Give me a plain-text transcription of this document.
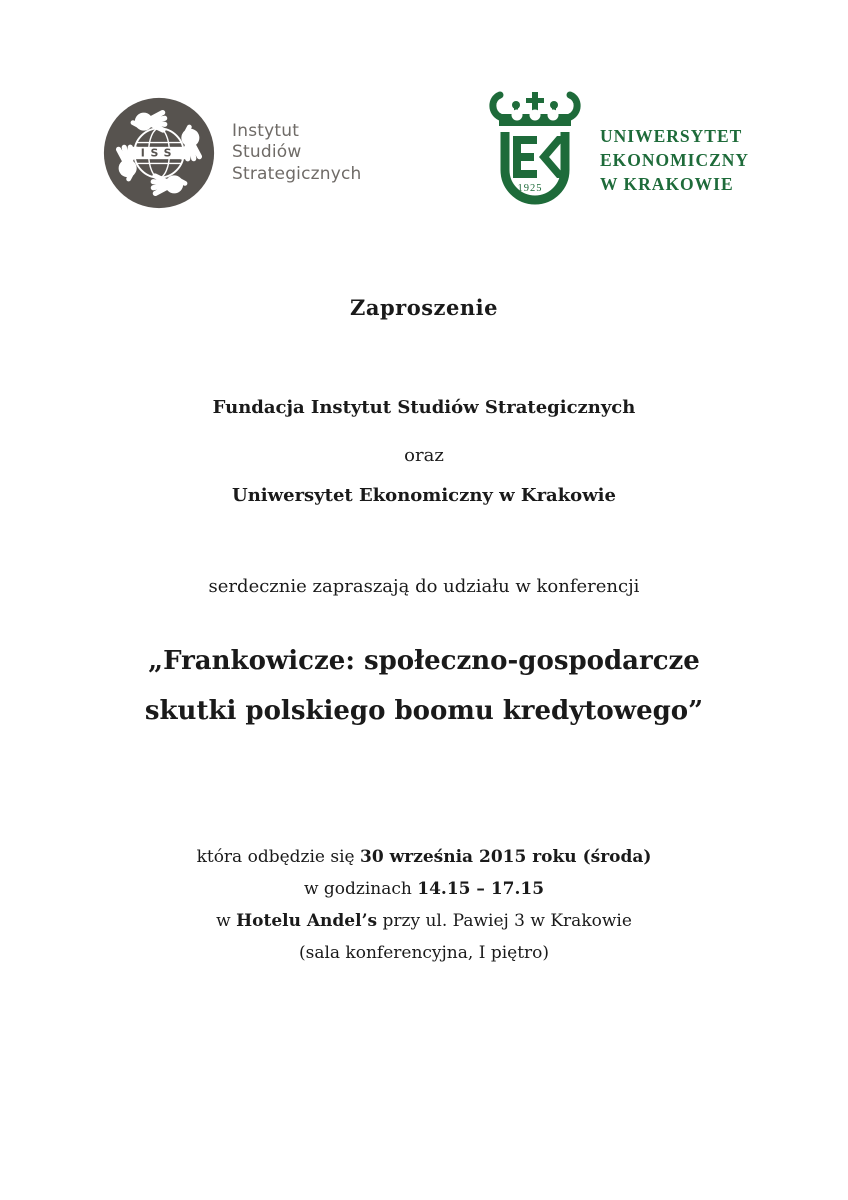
ISS
Instytut
Studiów
Strategicznych
1925
UNIWERSYTET
EKONOMICZNY
W KRAKOWIE

Zaproszenie

Fundacja Instytut Studiów Strategicznych

oraz

Uniwersytet Ekonomiczny w Krakowie

serdecznie zapraszają do udziału w konferencji

„Frankowicze: społeczno-gospodarcze
skutki polskiego boomu kredytowego”
która odbędzie się 30 września 2015 roku (środa)
w godzinach 14.15 – 17.15
w Hotelu Andel’s przy ul. Pawiej 3 w Krakowie
(sala konferencyjna, I piętro)
